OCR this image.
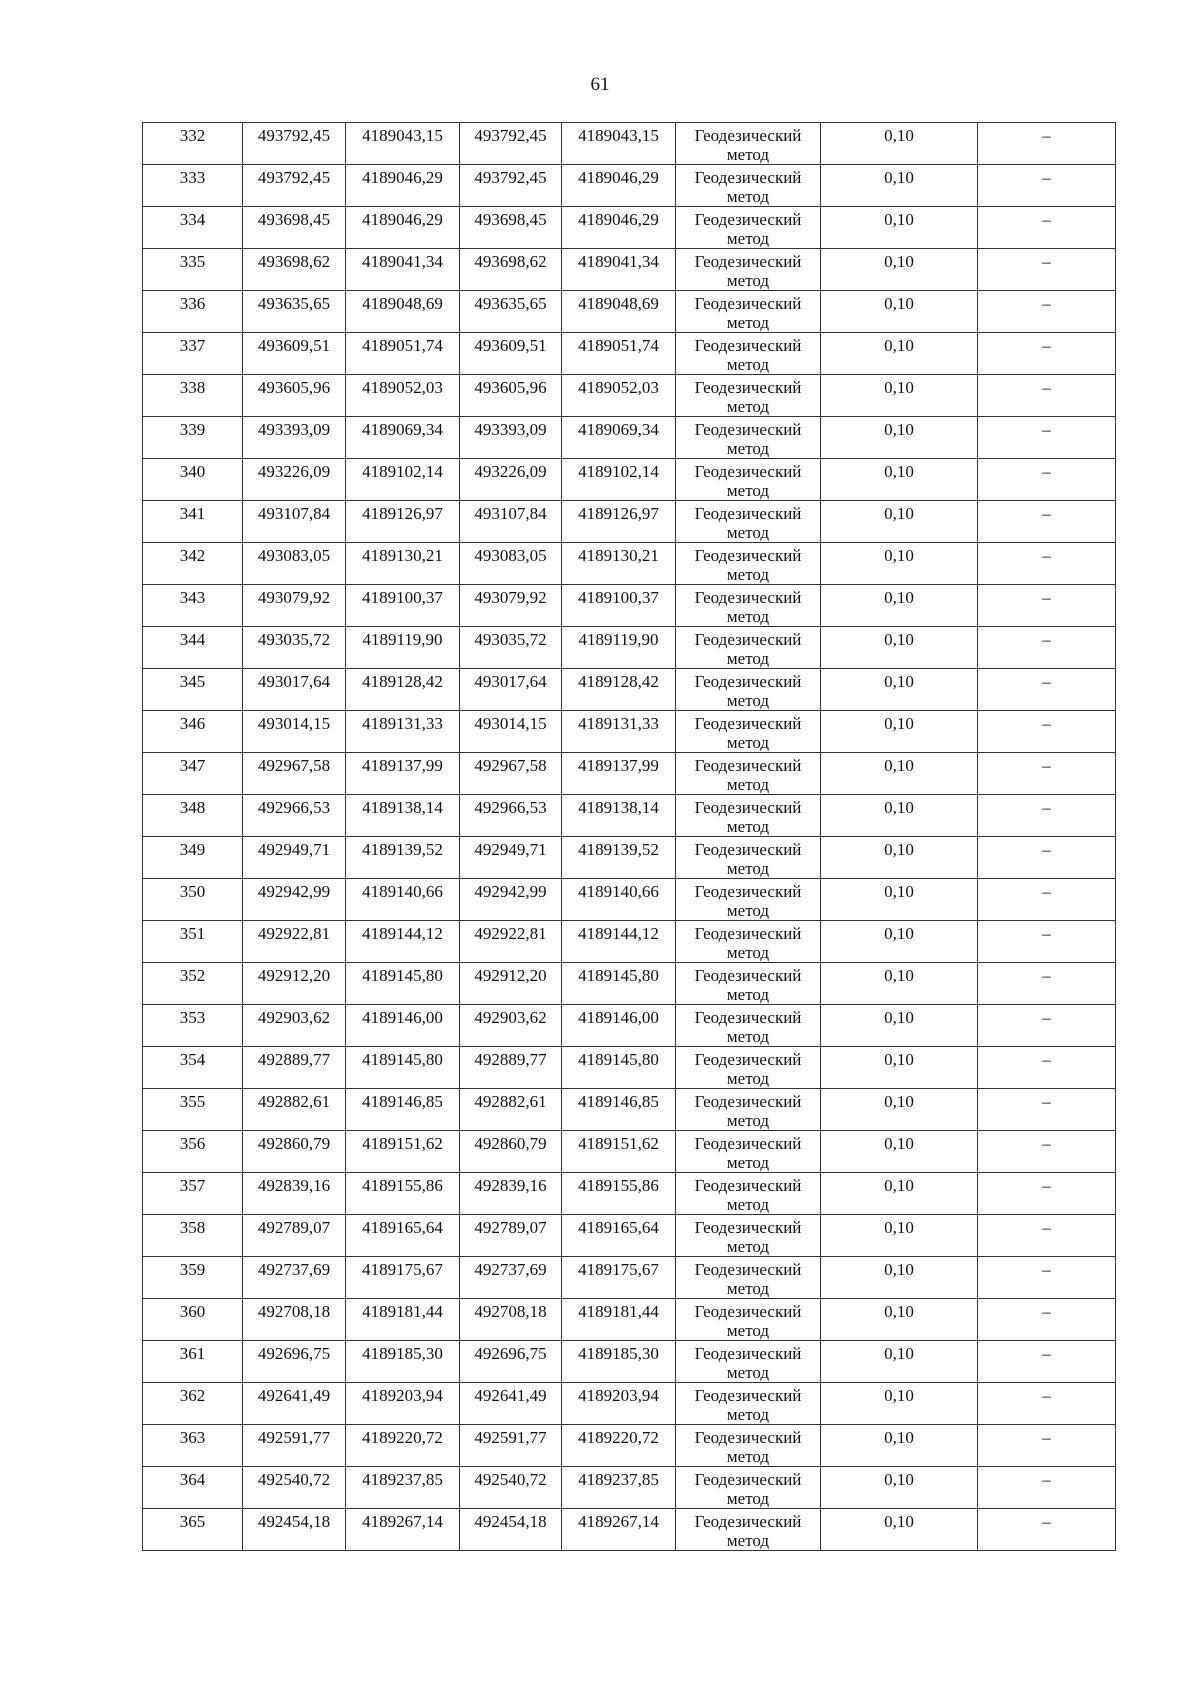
61
332	493792,45	4189043,15	493792,45	4189043,15	Геодезический
метод	0,10	–

333	493792,45	4189046,29	493792,45	4189046,29	Геодезический
метод	0,10	–

334	493698,45	4189046,29	493698,45	4189046,29	Геодезический
метод	0,10	–

335	493698,62	4189041,34	493698,62	4189041,34	Геодезический
метод	0,10	–

336	493635,65	4189048,69	493635,65	4189048,69	Геодезический
метод	0,10	–

337	493609,51	4189051,74	493609,51	4189051,74	Геодезический
метод	0,10	–

338	493605,96	4189052,03	493605,96	4189052,03	Геодезический
метод	0,10	–

339	493393,09	4189069,34	493393,09	4189069,34	Геодезический
метод	0,10	–

340	493226,09	4189102,14	493226,09	4189102,14	Геодезический
метод	0,10	–

341	493107,84	4189126,97	493107,84	4189126,97	Геодезический
метод	0,10	–

342	493083,05	4189130,21	493083,05	4189130,21	Геодезический
метод	0,10	–

343	493079,92	4189100,37	493079,92	4189100,37	Геодезический
метод	0,10	–

344	493035,72	4189119,90	493035,72	4189119,90	Геодезический
метод	0,10	–

345	493017,64	4189128,42	493017,64	4189128,42	Геодезический
метод	0,10	–

346	493014,15	4189131,33	493014,15	4189131,33	Геодезический
метод	0,10	–

347	492967,58	4189137,99	492967,58	4189137,99	Геодезический
метод	0,10	–

348	492966,53	4189138,14	492966,53	4189138,14	Геодезический
метод	0,10	–

349	492949,71	4189139,52	492949,71	4189139,52	Геодезический
метод	0,10	–

350	492942,99	4189140,66	492942,99	4189140,66	Геодезический
метод	0,10	–

351	492922,81	4189144,12	492922,81	4189144,12	Геодезический
метод	0,10	–

352	492912,20	4189145,80	492912,20	4189145,80	Геодезический
метод	0,10	–

353	492903,62	4189146,00	492903,62	4189146,00	Геодезический
метод	0,10	–

354	492889,77	4189145,80	492889,77	4189145,80	Геодезический
метод	0,10	–

355	492882,61	4189146,85	492882,61	4189146,85	Геодезический
метод	0,10	–

356	492860,79	4189151,62	492860,79	4189151,62	Геодезический
метод	0,10	–

357	492839,16	4189155,86	492839,16	4189155,86	Геодезический
метод	0,10	–

358	492789,07	4189165,64	492789,07	4189165,64	Геодезический
метод	0,10	–

359	492737,69	4189175,67	492737,69	4189175,67	Геодезический
метод	0,10	–

360	492708,18	4189181,44	492708,18	4189181,44	Геодезический
метод	0,10	–

361	492696,75	4189185,30	492696,75	4189185,30	Геодезический
метод	0,10	–

362	492641,49	4189203,94	492641,49	4189203,94	Геодезический
метод	0,10	–

363	492591,77	4189220,72	492591,77	4189220,72	Геодезический
метод	0,10	–

364	492540,72	4189237,85	492540,72	4189237,85	Геодезический
метод	0,10	–

365	492454,18	4189267,14	492454,18	4189267,14	Геодезический
метод	0,10	–
